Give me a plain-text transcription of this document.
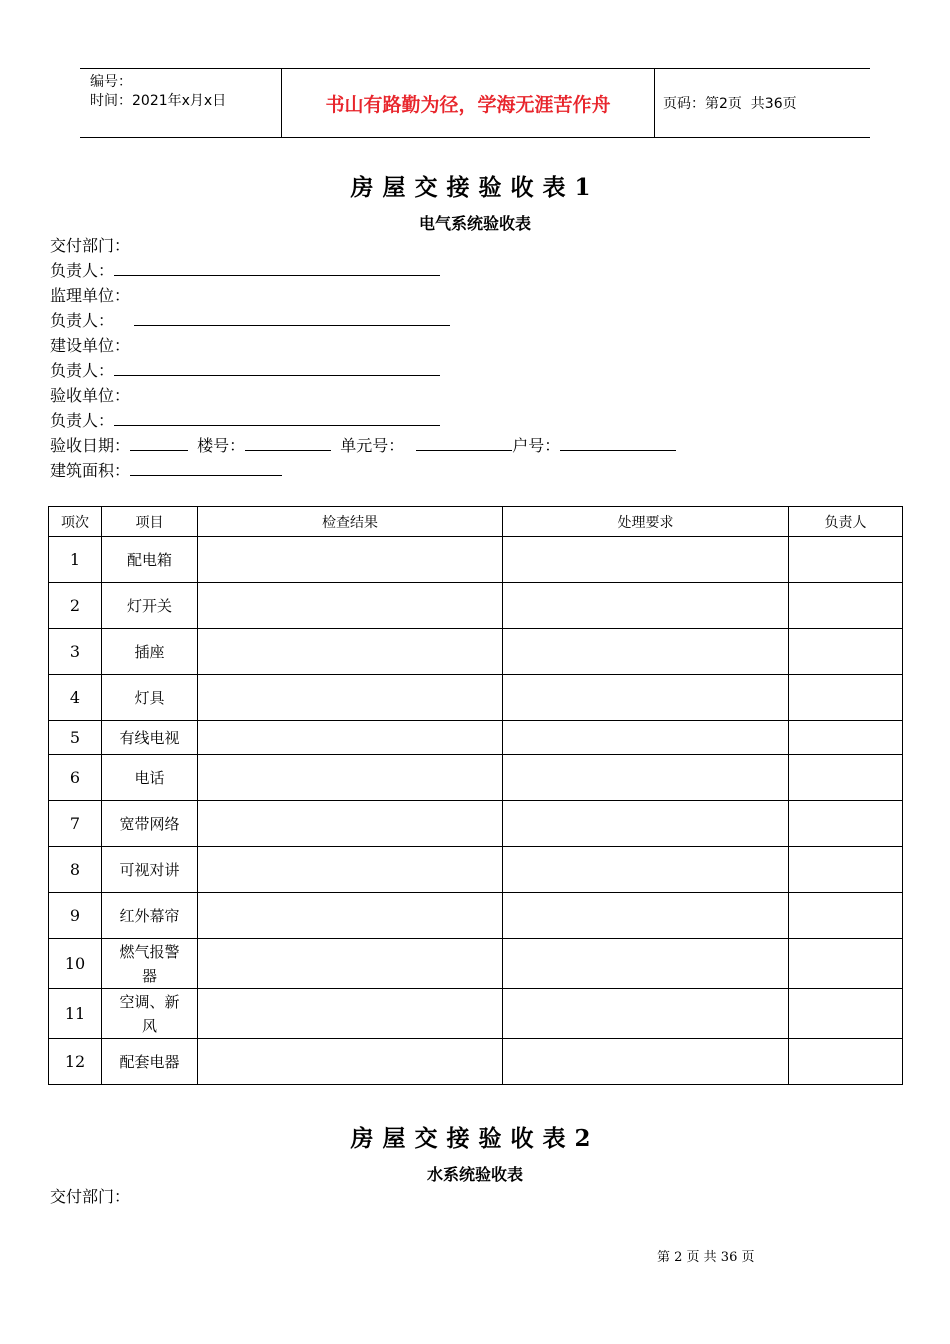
编号：
时间：2021年x月x日	书山有路勤为径，学海无涯苦作舟	页码：第2页  共36页
房屋交接验收表1
电气系统验收表
交付部门：
负责人：
监理单位：
负责人：
建设单位：
负责人：
验收单位：
负责人：
验收日期：	楼号：	单元号：	户号：
建筑面积：
项次	项目	检查结果	处理要求	负责人
1	配电箱			
2	灯开关			
3	插座			
4	灯具			
5	有线电视			
6	电话			
7	宽带网络			
8	可视对讲			
9	红外幕帘			
10	燃气报警器			
11	空调、新风			
12	配套电器			
房屋交接验收表2
水系统验收表
交付部门：
第 2 页 共 36 页
